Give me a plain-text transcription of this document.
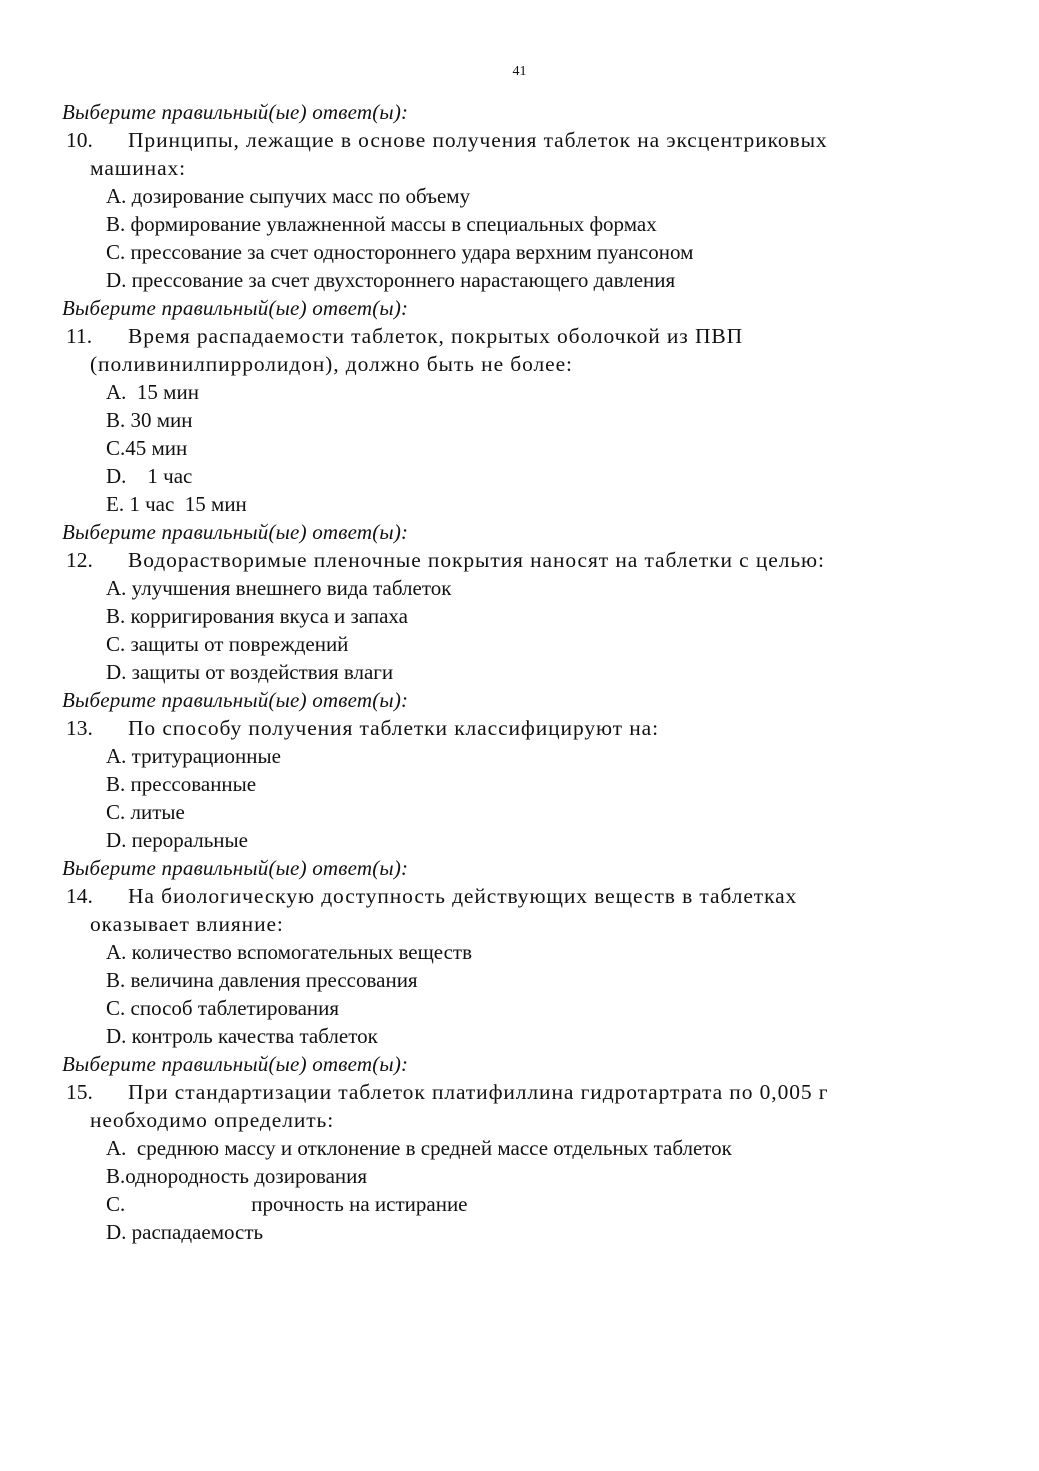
41
Выберите правильный(ые) ответ(ы):
10. Принципы, лежащие в основе получения таблеток на эксцентриковых
машинах:
A. дозирование сыпучих масс по объему
B. формирование увлажненной массы в специальных формах
C. прессование за счет одностороннего удара верхним пуансоном
D. прессование за счет двухстороннего нарастающего давления
Выберите правильный(ые) ответ(ы):
11. Время распадаемости таблеток, покрытых оболочкой из ПВП
(поливинилпирролидон), должно быть не более:
A.  15 мин
B. 30 мин
C.45 мин
D.    1 час
E. 1 час  15 мин
Выберите правильный(ые) ответ(ы):
12. Водорастворимые пленочные покрытия наносят на таблетки с целью:
A. улучшения внешнего вида таблеток
B. корригирования вкуса и запаха
C. защиты от повреждений
D. защиты от воздействия влаги
Выберите правильный(ые) ответ(ы):
13. По способу получения таблетки классифицируют на:
A. тритурационные
B. прессованные
C. литые
D. пероральные
Выберите правильный(ые) ответ(ы):
14. На биологическую доступность действующих веществ в таблетках
оказывает влияние:
A. количество вспомогательных веществ
B. величина давления прессования
C. способ таблетирования
D. контроль качества таблеток
Выберите правильный(ые) ответ(ы):
15. При стандартизации таблеток платифиллина гидротартрата по 0,005 г
необходимо определить:
A.  среднюю массу и отклонение в средней массе отдельных таблеток
B.однородность дозирования
C.                        прочность на истирание
D. распадаемость
